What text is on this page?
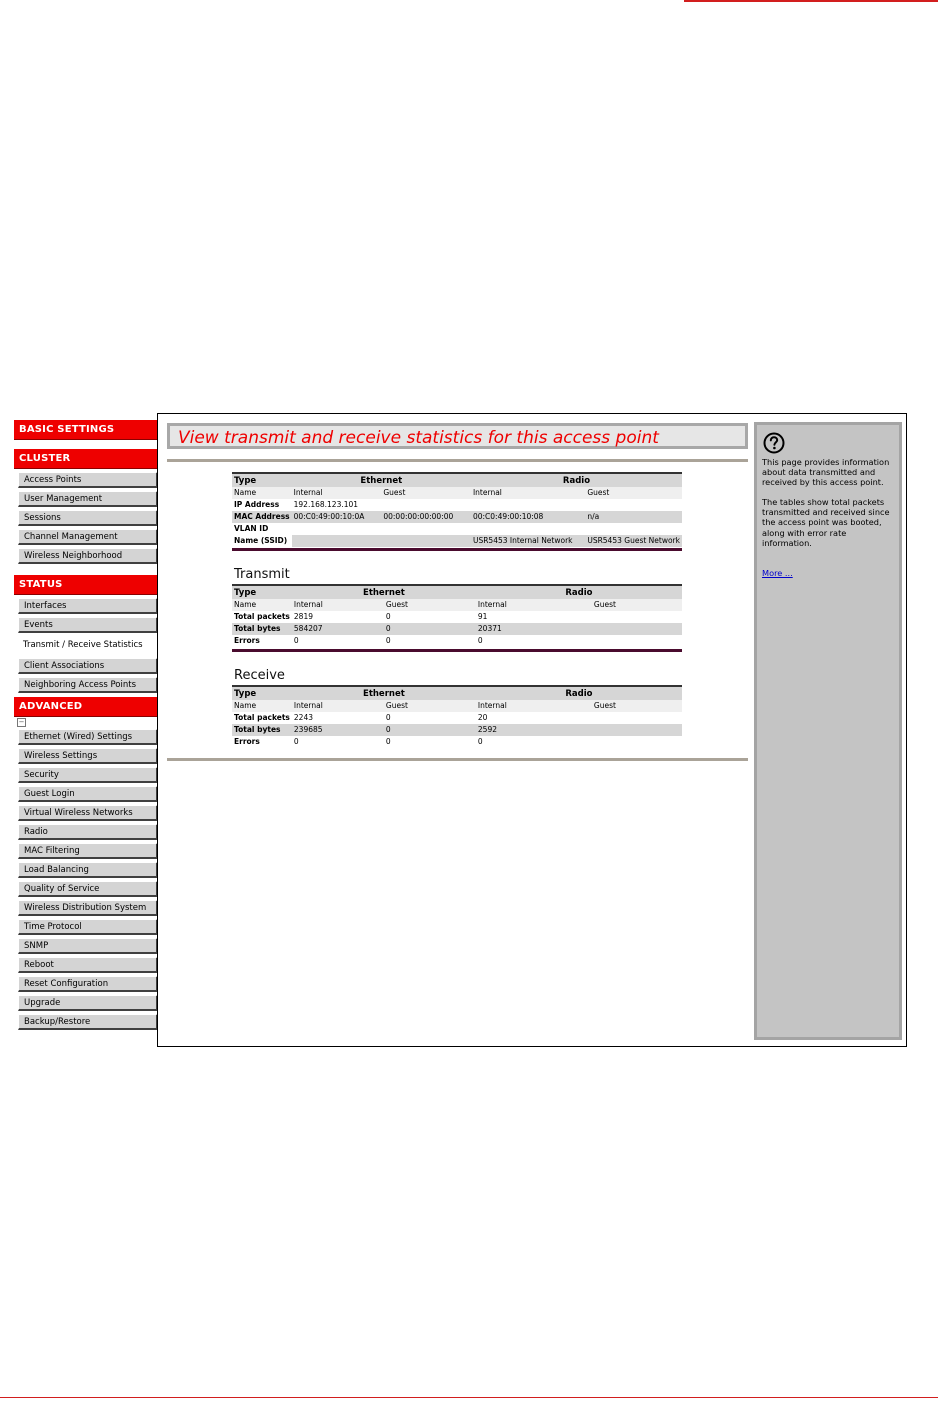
BASIC SETTINGS
CLUSTER
Access Points
User Management
Sessions
Channel Management
Wireless Neighborhood
STATUS
Interfaces
Events
Transmit / Receive Statistics
Client Associations
Neighboring Access Points
ADVANCED
−
Ethernet (Wired) Settings
Wireless Settings
Security
Guest Login
Virtual Wireless Networks
Radio
MAC Filtering
Load Balancing
Quality of Service
Wireless Distribution System
Time Protocol
SNMP
Reboot
Reset Configuration
Upgrade
Backup/Restore
View transmit and receive statistics for this access point
Type	Ethernet		Radio	
Name	Internal	Guest	Internal	Guest
IP Address	192.168.123.101			
MAC Address	00:C0:49:00:10:0A	00:00:00:00:00:00	00:C0:49:00:10:08	n/a
VLAN ID				
Name (SSID)			USR5453 Internal Network	USR5453 Guest Network
Transmit
Type	Ethernet		Radio	
Name	Internal	Guest	Internal	Guest
Total packets	2819	0	91	
Total bytes	584207	0	20371	
Errors	0	0	0	
Receive
Type	Ethernet		Radio	
Name	Internal	Guest	Internal	Guest
Total packets	2243	0	20	
Total bytes	239685	0	2592	
Errors	0	0	0	

This page provides information about data transmitted and received by this access point.

The tables show total packets transmitted and received since the access point was booted, along with error rate information.

More ...
